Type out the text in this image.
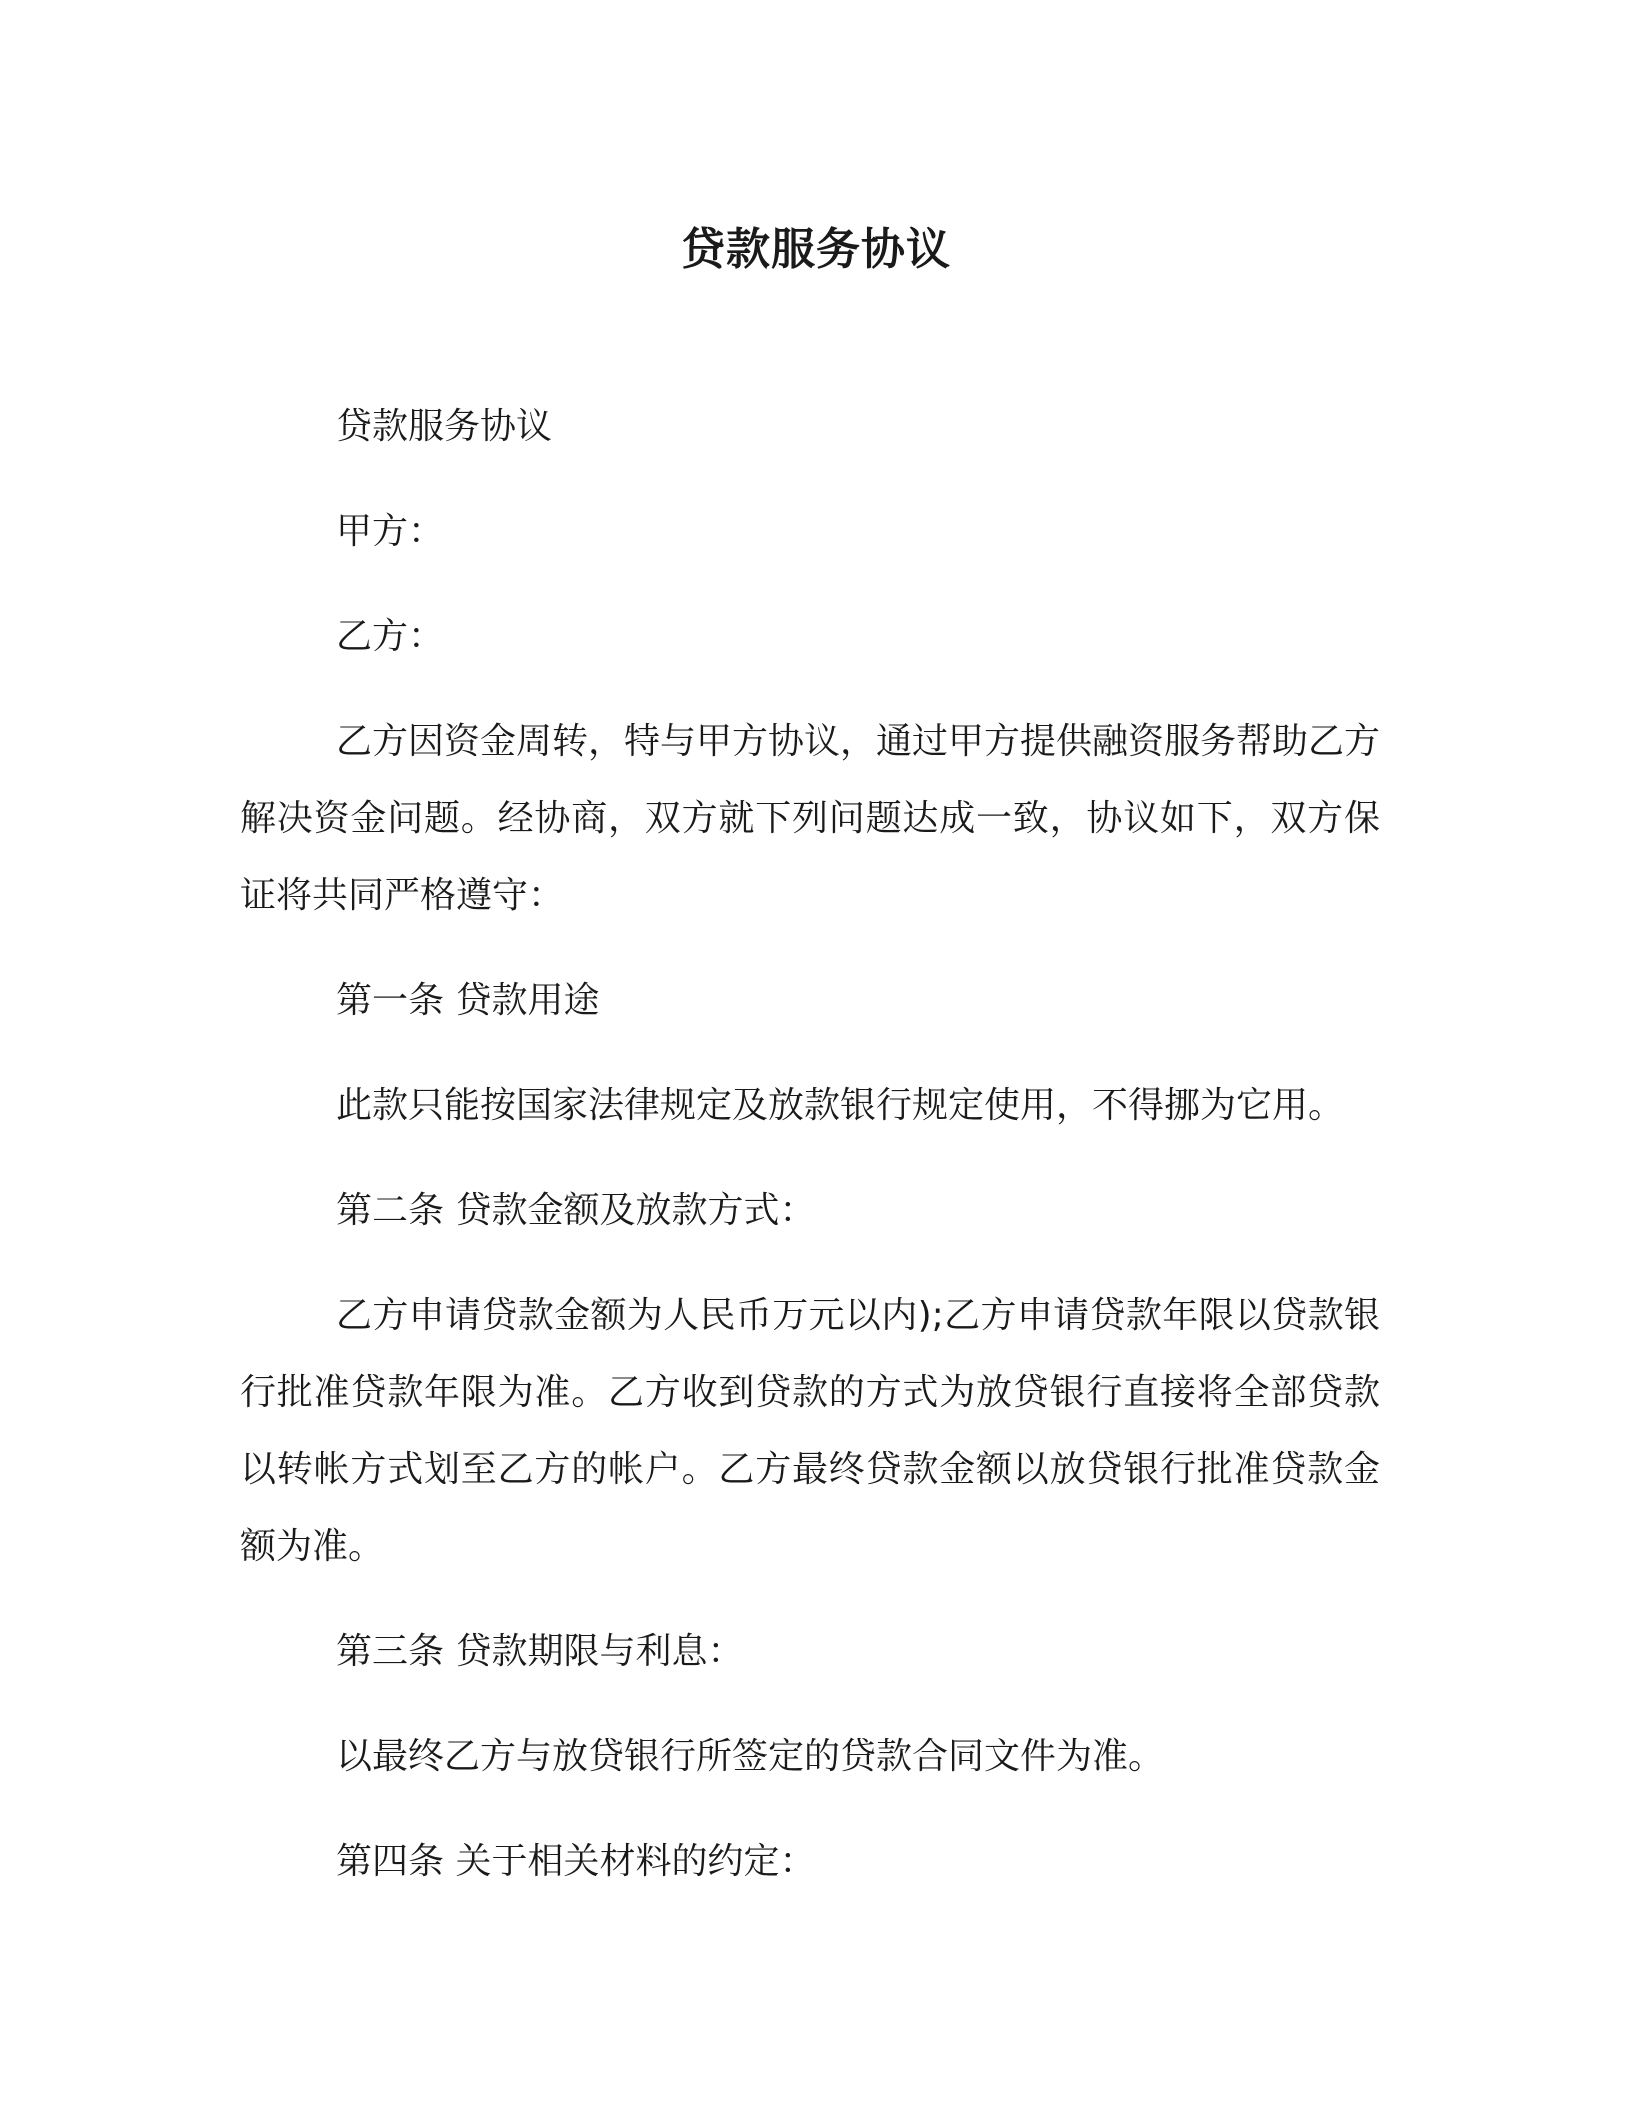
贷款服务协议

贷款服务协议

甲方：

乙方：

乙方因资金周转，特与甲方协议，通过甲方提供融资服务帮助乙方解决资金问题。经协商，双方就下列问题达成一致，协议如下，双方保证将共同严格遵守：

第一条 贷款用途

此款只能按国家法律规定及放款银行规定使用，不得挪为它用。

第二条 贷款金额及放款方式：

乙方申请贷款金额为人民币万元以内);乙方申请贷款年限以贷款银行批准贷款年限为准。乙方收到贷款的方式为放贷银行直接将全部贷款以转帐方式划至乙方的帐户。乙方最终贷款金额以放贷银行批准贷款金额为准。

第三条 贷款期限与利息：

以最终乙方与放贷银行所签定的贷款合同文件为准。

第四条 关于相关材料的约定：
